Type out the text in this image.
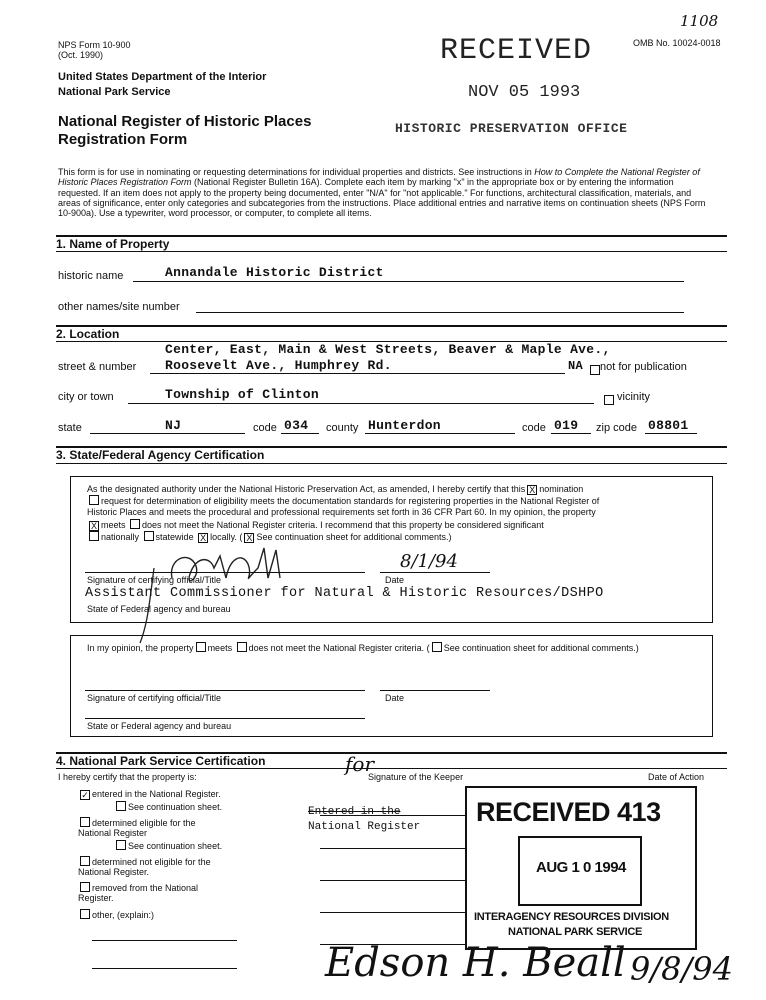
NPS Form 10-900
(Oct. 1990)
1108
OMB No. 10024-0018
United States Department of the Interior
National Park Service
National Register of Historic Places
Registration Form
RECEIVED
NOV 05 1993
HISTORIC PRESERVATION OFFICE
This form is for use in nominating or requesting determinations for individual properties and districts. See instructions in How to Complete the National Register of Historic Places Registration Form (National Register Bulletin 16A). Complete each item by marking "x" in the appropriate box or by entering the information requested. If an item does not apply to the property being documented, enter "N/A" for "not applicable." For functions, architectural classification, materials, and areas of significance, enter only categories and subcategories from the instructions. Place additional entries and narrative items on continuation sheets (NPS Form 10-900a). Use a typewriter, word processor, or computer, to complete all items.
1. Name of Property
historic name	Annandale Historic District
other names/site number
2. Location
Center, East, Main & West Streets, Beaver & Maple Ave.,
street & number Roosevelt Ave., Humphrey Rd.	NA not for publication
city or town	Township of Clinton	vicinity
state	NJ	code 034 county Hunterdon	code 019 zip code 08801
3. State/Federal Agency Certification
As the designated authority under the National Historic Preservation Act, as amended, I hereby certify that this X nomination
request for determination of eligibility meets the documentation standards for registering properties in the National Register of
Historic Places and meets the procedural and professional requirements set forth in 36 CFR Part 60. In my opinion, the property
X meets does not meet the National Register criteria. I recommend that this property be considered significant
nationally statewide X locally. ( X See continuation sheet for additional comments.)
8/1/94
Signature of certifying official/Title	Date
Assistant Commissioner for Natural & Historic Resources/DSHPO
State of Federal agency and bureau
In my opinion, the property meets does not meet the National Register criteria. ( See continuation sheet for additional comments.)
Signature of certifying official/Title	Date
State or Federal agency and bureau
4. National Park Service Certification
I hereby certify that the property is:
for
Signature of the Keeper	Date of Action
✓ entered in the National Register.
See continuation sheet.
determined eligible for the National Register
See continuation sheet.
determined not eligible for the National Register.
removed from the National Register.
other, (explain:)
Entered in the
National Register RECEIVED 413
AUG 1 0 1994
INTERAGENCY RESOURCES DIVISION
NATIONAL PARK SERVICE
Edson H. Beall 9/8/94
